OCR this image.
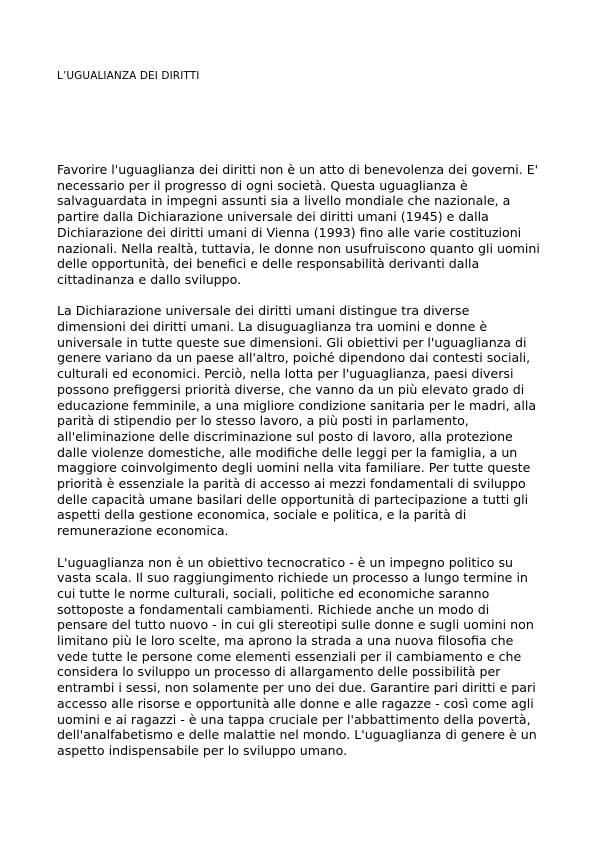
L’UGUALIANZA DEI DIRITTI

Favorire l'uguaglianza dei diritti non è un atto di benevolenza dei governi. E' necessario per il progresso di ogni società. Questa uguaglianza è salvaguardata in impegni assunti sia a livello mondiale che nazionale, a partire dalla Dichiarazione universale dei diritti umani (1945) e dalla Dichiarazione dei diritti umani di Vienna (1993) fino alle varie costituzioni nazionali. Nella realtà, tuttavia, le donne non usufruiscono quanto gli uomini delle opportunità, dei benefici e delle responsabilità derivanti dalla cittadinanza e dallo sviluppo.

La Dichiarazione universale dei diritti umani distingue tra diverse dimensioni dei diritti umani. La disuguaglianza tra uomini e donne è universale in tutte queste sue dimensioni. Gli obiettivi per l'uguaglianza di genere variano da un paese all'altro, poiché dipendono dai contesti sociali, culturali ed economici. Perciò, nella lotta per l'uguaglianza, paesi diversi possono prefiggersi priorità diverse, che vanno da un più elevato grado di educazione femminile, a una migliore condizione sanitaria per le madri, alla parità di stipendio per lo stesso lavoro, a più posti in parlamento, all'eliminazione delle discriminazione sul posto di lavoro, alla protezione dalle violenze domestiche, alle modifiche delle leggi per la famiglia, a un maggiore coinvolgimento degli uomini nella vita familiare. Per tutte queste priorità è essenziale la parità di accesso ai mezzi fondamentali di sviluppo delle capacità umane basilari delle opportunità di partecipazione a tutti gli aspetti della gestione economica, sociale e politica, e la parità di remunerazione economica.

L'uguaglianza non è un obiettivo tecnocratico - è un impegno politico su vasta scala. Il suo raggiungimento richiede un processo a lungo termine in cui tutte le norme culturali, sociali, politiche ed economiche saranno sottoposte a fondamentali cambiamenti. Richiede anche un modo di pensare del tutto nuovo - in cui gli stereotipi sulle donne e sugli uomini non limitano più le loro scelte, ma aprono la strada a una nuova filosofia che vede tutte le persone come elementi essenziali per il cambiamento e che considera lo sviluppo un processo di allargamento delle possibilità per entrambi i sessi, non solamente per uno dei due. Garantire pari diritti e pari accesso alle risorse e opportunità alle donne e alle ragazze - così come agli uomini e ai ragazzi - è una tappa cruciale per l'abbattimento della povertà, dell'analfabetismo e delle malattie nel mondo. L'uguaglianza di genere è un aspetto indispensabile per lo sviluppo umano.
